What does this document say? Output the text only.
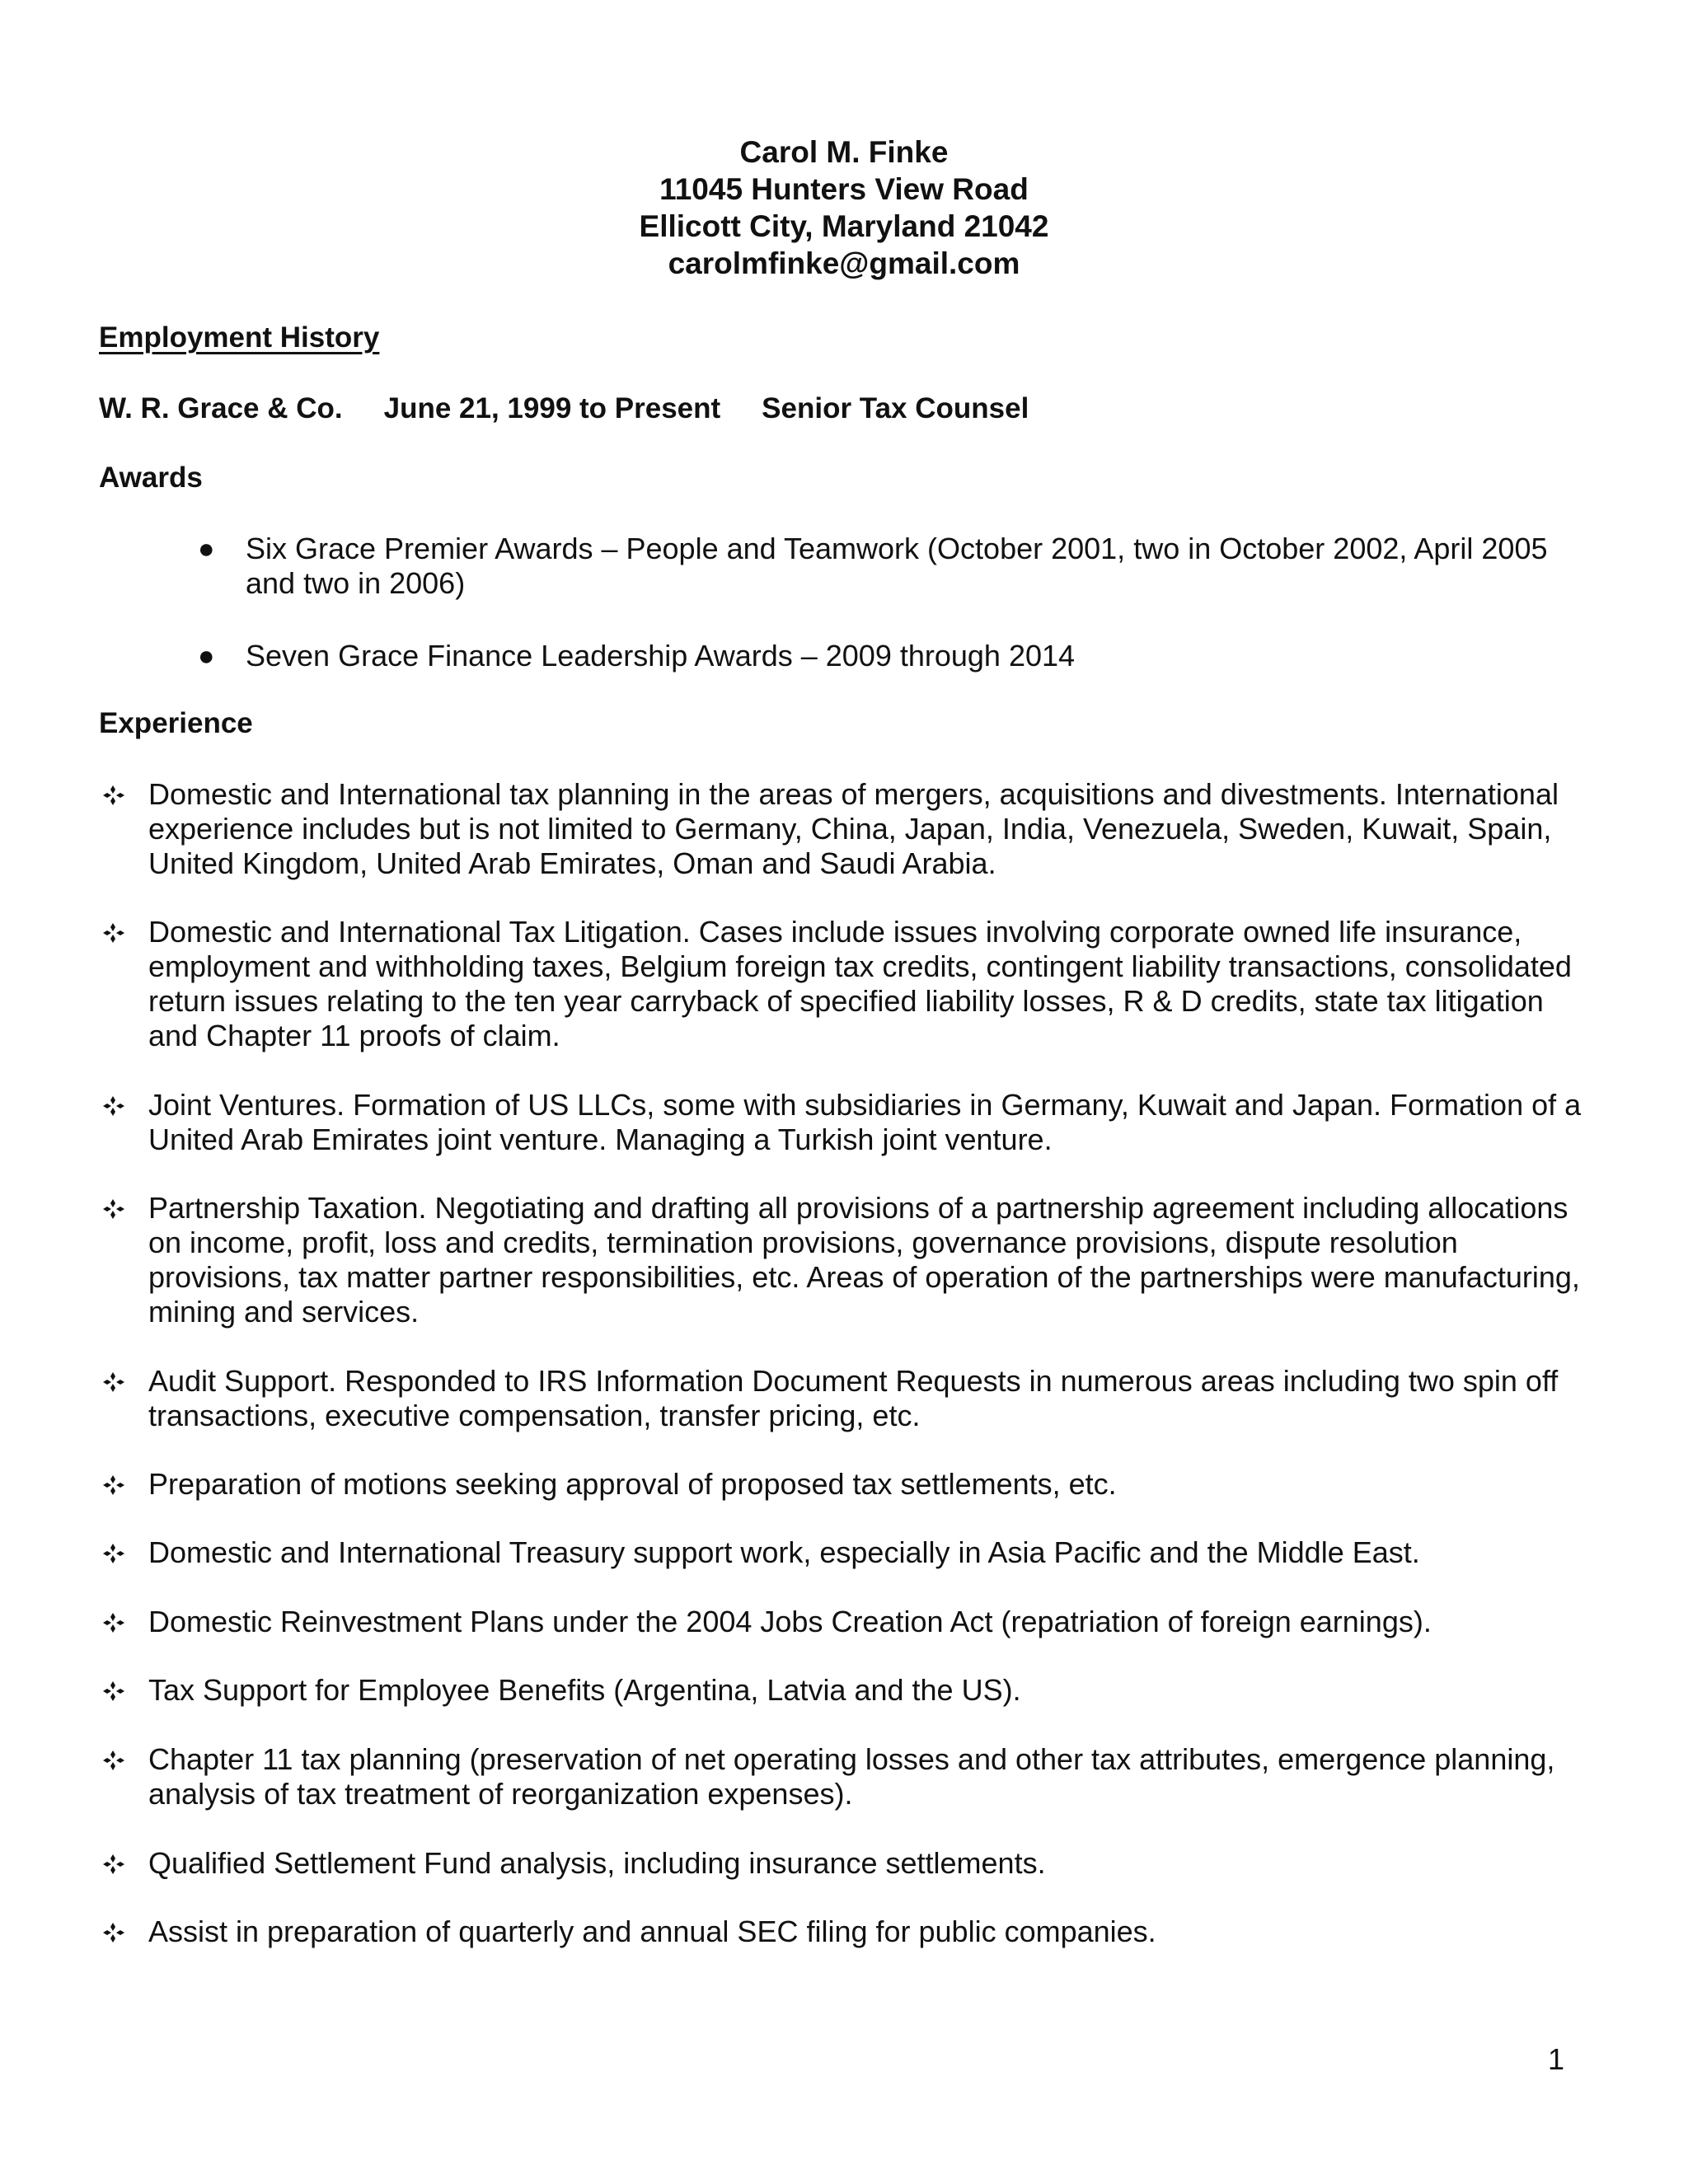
Carol M. Finke
11045 Hunters View Road
Ellicott City, Maryland 21042
carolmfinke@gmail.com
Employment History
W. R. Grace & Co. June 21, 1999 to Present Senior Tax Counsel
Awards
● Six Grace Premier Awards – People and Teamwork (October 2001, two in October 2002, April 2005 and two in 2006)
● Seven Grace Finance Leadership Awards – 2009 through 2014
Experience
Domestic and International tax planning in the areas of mergers, acquisitions and divestments. International experience includes but is not limited to Germany, China, Japan, India, Venezuela, Sweden, Kuwait, Spain, United Kingdom, United Arab Emirates, Oman and Saudi Arabia.
Domestic and International Tax Litigation. Cases include issues involving corporate owned life insurance, employment and withholding taxes, Belgium foreign tax credits, contingent liability transactions, consolidated return issues relating to the ten year carryback of specified liability losses, R & D credits, state tax litigation and Chapter 11 proofs of claim.
Joint Ventures. Formation of US LLCs, some with subsidiaries in Germany, Kuwait and Japan. Formation of a United Arab Emirates joint venture. Managing a Turkish joint venture.
Partnership Taxation. Negotiating and drafting all provisions of a partnership agreement including allocations on income, profit, loss and credits, termination provisions, governance provisions, dispute resolution provisions, tax matter partner responsibilities, etc. Areas of operation of the partnerships were manufacturing, mining and services.
Audit Support. Responded to IRS Information Document Requests in numerous areas including two spin off transactions, executive compensation, transfer pricing, etc.
Preparation of motions seeking approval of proposed tax settlements, etc.
Domestic and International Treasury support work, especially in Asia Pacific and the Middle East.
Domestic Reinvestment Plans under the 2004 Jobs Creation Act (repatriation of foreign earnings).
Tax Support for Employee Benefits (Argentina, Latvia and the US).
Chapter 11 tax planning (preservation of net operating losses and other tax attributes, emergence planning, analysis of tax treatment of reorganization expenses).
Qualified Settlement Fund analysis, including insurance settlements.
Assist in preparation of quarterly and annual SEC filing for public companies.
1
